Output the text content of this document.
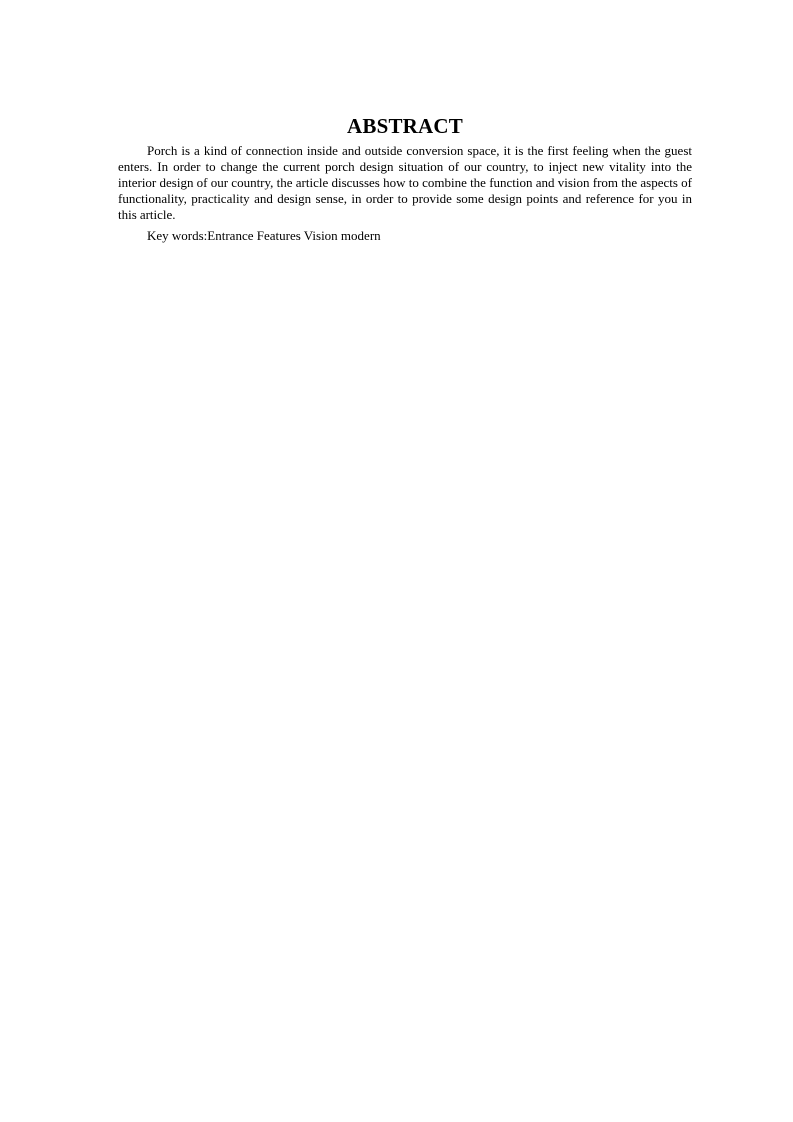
ABSTRACT

Porch is a kind of connection inside and outside conversion space, it is the first feeling when the guest enters. In order to change the current porch design situation of our country, to inject new vitality into the interior design of our country, the article discusses how to combine the function and vision from the aspects of functionality, practicality and design sense, in order to provide some design points and reference for you in this article.

Key words:Entrance Features Vision modern
